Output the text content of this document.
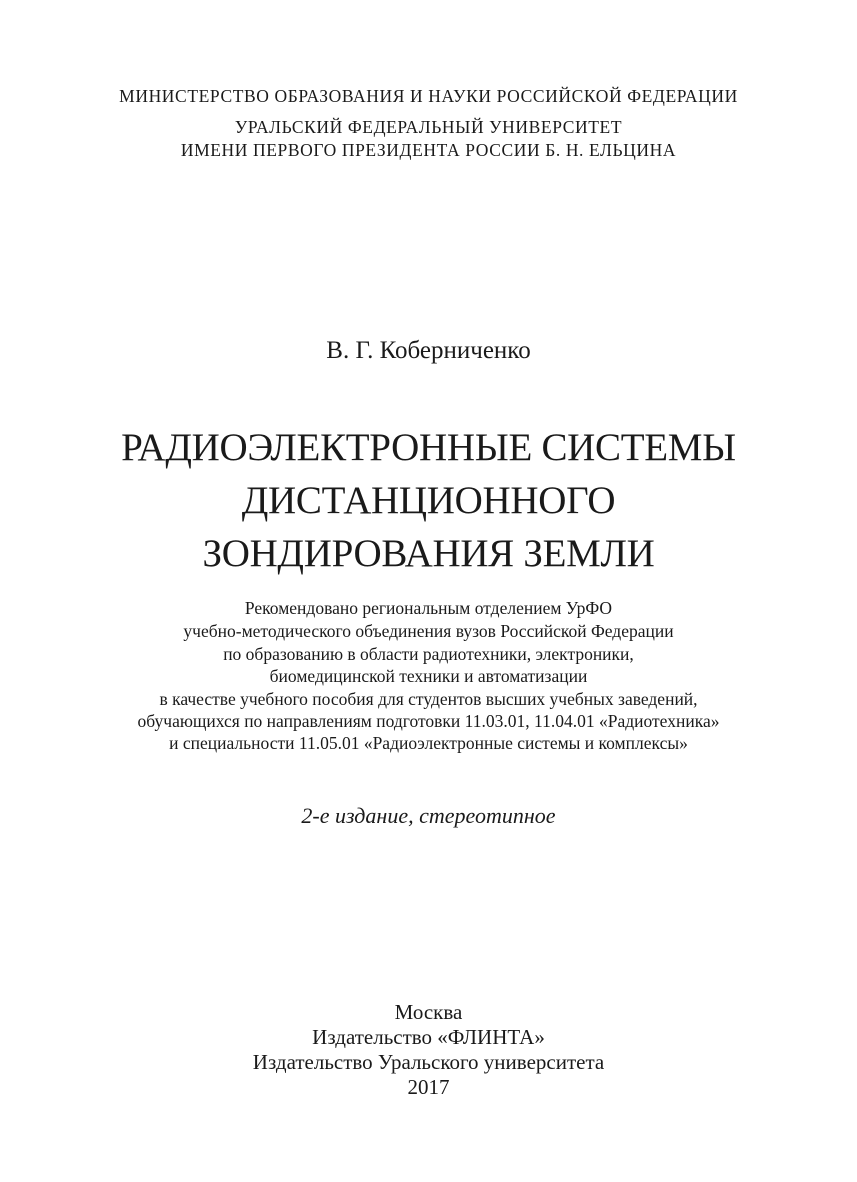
МИНИСТЕРСТВО ОБРАЗОВАНИЯ И НАУКИ РОССИЙСКОЙ ФЕДЕРАЦИИ
УРАЛЬСКИЙ ФЕДЕРАЛЬНЫЙ УНИВЕРСИТЕТ
ИМЕНИ ПЕРВОГО ПРЕЗИДЕНТА РОССИИ Б. Н. ЕЛЬЦИНА
В. Г. Коберниченко
РАДИОЭЛЕКТРОННЫЕ СИСТЕМЫ
ДИСТАНЦИОННОГО
ЗОНДИРОВАНИЯ ЗЕМЛИ
Рекомендовано региональным отделением УрФО
учебно-методического объединения вузов Российской Федерации
по образованию в области радиотехники, электроники,
биомедицинской техники и автоматизации
в качестве учебного пособия для студентов высших учебных заведений,
обучающихся по направлениям подготовки 11.03.01, 11.04.01 «Радиотехника»
и специальности 11.05.01 «Радиоэлектронные системы и комплексы»
2-е издание, стереотипное
Москва
Издательство «ФЛИНТА»
Издательство Уральского университета
2017
